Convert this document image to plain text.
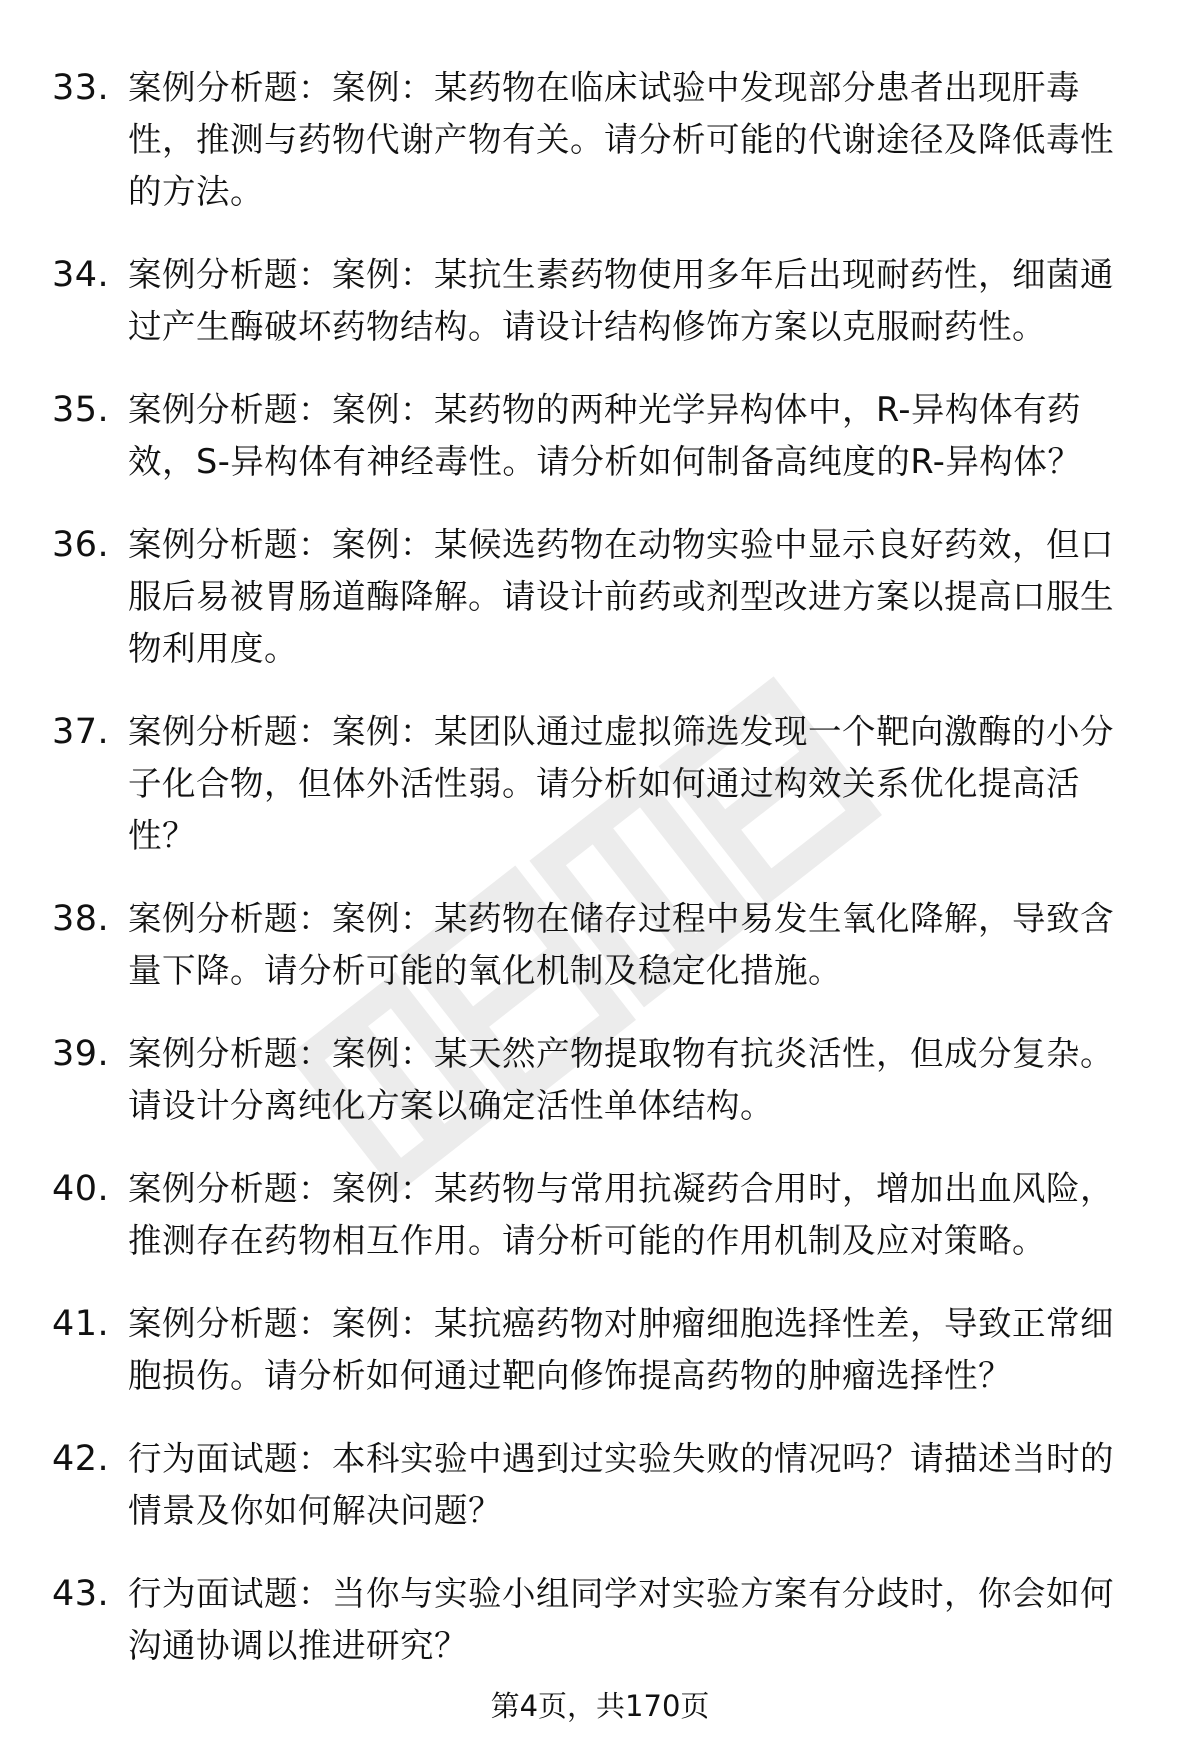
33. 案例分析题：案例：某药物在临床试验中发现部分患者出现肝毒性，推测与药物代谢产物有关。请分析可能的代谢途径及降低毒性的方法。
34. 案例分析题：案例：某抗生素药物使用多年后出现耐药性，细菌通过产生酶破坏药物结构。请设计结构修饰方案以克服耐药性。
35. 案例分析题：案例：某药物的两种光学异构体中，R-异构体有药效，S-异构体有神经毒性。请分析如何制备高纯度的R-异构体？
36. 案例分析题：案例：某候选药物在动物实验中显示良好药效，但口服后易被胃肠道酶降解。请设计前药或剂型改进方案以提高口服生物利用度。
37. 案例分析题：案例：某团队通过虚拟筛选发现一个靶向激酶的小分子化合物，但体外活性弱。请分析如何通过构效关系优化提高活性？
38. 案例分析题：案例：某药物在储存过程中易发生氧化降解，导致含量下降。请分析可能的氧化机制及稳定化措施。
39. 案例分析题：案例：某天然产物提取物有抗炎活性，但成分复杂。请设计分离纯化方案以确定活性单体结构。
40. 案例分析题：案例：某药物与常用抗凝药合用时，增加出血风险，推测存在药物相互作用。请分析可能的作用机制及应对策略。
41. 案例分析题：案例：某抗癌药物对肿瘤细胞选择性差，导致正常细胞损伤。请分析如何通过靶向修饰提高药物的肿瘤选择性？
42. 行为面试题：本科实验中遇到过实验失败的情况吗？请描述当时的情景及你如何解决问题？
43. 行为面试题：当你与实验小组同学对实验方案有分歧时，你会如何沟通协调以推进研究？
第4页，共170页
